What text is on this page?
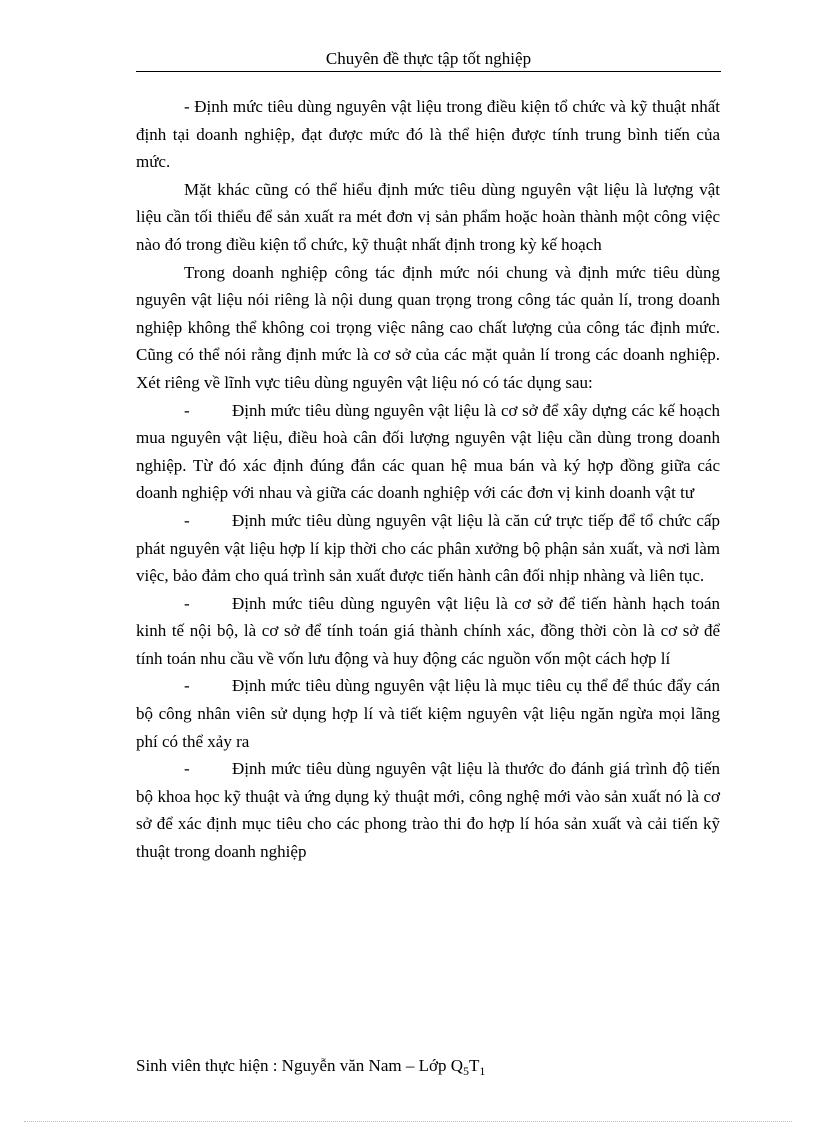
Chuyên đề thực tập tốt nghiệp

- Định mức tiêu dùng nguyên vật liệu trong điều kiện tổ chức và kỹ thuật nhất định tại doanh nghiệp, đạt được mức đó là thể hiện được tính trung bình tiến của mức.

Mặt khác cũng có thể hiểu định mức tiêu dùng nguyên vật liệu là lượng vật liệu cần tối thiểu để sản xuất ra mét đơn vị sản phẩm hoặc hoàn thành một công việc nào đó trong điều kiện tổ chức, kỹ thuật nhất định trong kỳ kế hoạch

Trong doanh nghiệp công tác định mức nói chung và định mức tiêu dùng nguyên vật liệu nói riêng là nội dung quan trọng trong công tác quản lí, trong doanh nghiệp không thể không coi trọng việc nâng cao chất lượng của công tác định mức. Cũng có thể nói rằng định mức là cơ sở của các mặt quản lí trong các doanh nghiệp. Xét riêng về lĩnh vực tiêu dùng nguyên vật liệu nó có tác dụng sau:

- Định mức tiêu dùng nguyên vật liệu là cơ sở để xây dựng các kế hoạch mua nguyên vật liệu, điều hoà cân đối lượng nguyên vật liệu cần dùng trong doanh nghiệp. Từ đó xác định đúng đắn các quan hệ mua bán và ký hợp đồng giữa các doanh nghiệp với nhau và giữa các doanh nghiệp với các đơn vị kinh doanh vật tư

- Định mức tiêu dùng nguyên vật liệu là căn cứ trực tiếp để tổ chức cấp phát nguyên vật liệu hợp lí kịp thời cho các phân xưởng bộ phận sản xuất, và nơi làm việc, bảo đảm cho quá trình sản xuất được tiến hành cân đối nhịp nhàng và liên tục.

- Định mức tiêu dùng nguyên vật liệu là cơ sở để tiến hành hạch toán kinh tế nội bộ, là cơ sở để tính toán giá thành chính xác, đồng thời còn là cơ sở để tính toán nhu cầu về vốn lưu động và huy động các nguồn vốn một cách hợp lí

- Định mức tiêu dùng nguyên vật liệu là mục tiêu cụ thể để thúc đẩy cán bộ công nhân viên sử dụng hợp lí và tiết kiệm nguyên vật liệu ngăn ngừa mọi lãng phí có thể xảy ra

- Định mức tiêu dùng nguyên vật liệu là thước đo đánh giá trình độ tiến bộ khoa học kỹ thuật và ứng dụng kỷ thuật mới, công nghệ mới vào sản xuất nó là cơ sở để xác định mục tiêu cho các phong trào thi đo hợp lí hóa sản xuất và cải tiến kỹ thuật trong doanh nghiệp

Sinh viên thực hiện : Nguyễn văn Nam – Lớp $Q_5T_1$
